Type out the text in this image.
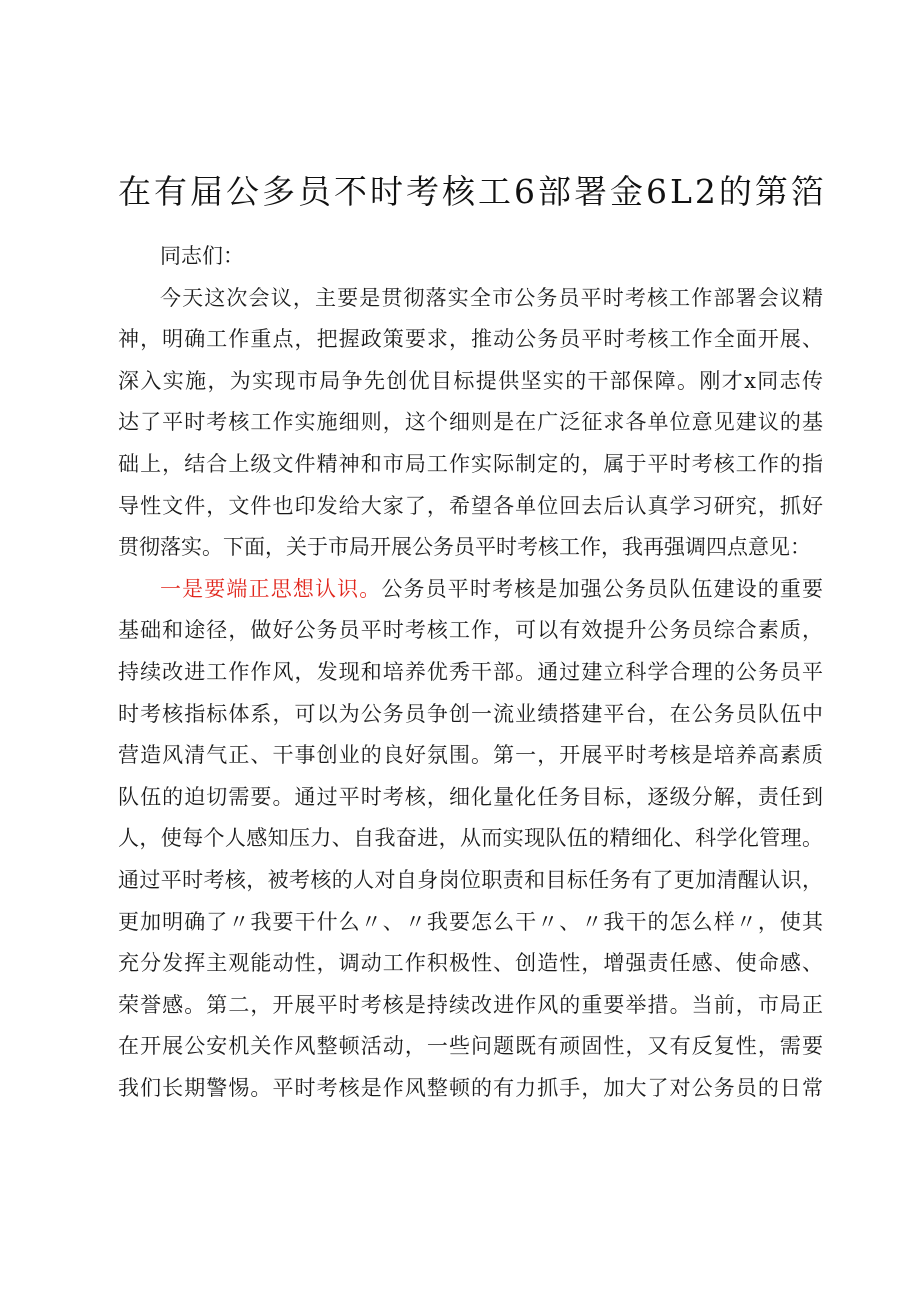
在有届公多员不时考核工6部署金6L2的第箔
同志们：
今天这次会议，主要是贯彻落实全市公务员平时考核工作部署会议精
神，明确工作重点，把握政策要求，推动公务员平时考核工作全面开展、
深入实施，为实现市局争先创优目标提供坚实的干部保障。刚才x同志传
达了平时考核工作实施细则，这个细则是在广泛征求各单位意见建议的基
础上，结合上级文件精神和市局工作实际制定的，属于平时考核工作的指
导性文件，文件也印发给大家了，希望各单位回去后认真学习研究，抓好
贯彻落实。下面，关于市局开展公务员平时考核工作，我再强调四点意见：
一是要端正思想认识。公务员平时考核是加强公务员队伍建设的重要
基础和途径，做好公务员平时考核工作，可以有效提升公务员综合素质，
持续改进工作作风，发现和培养优秀干部。通过建立科学合理的公务员平
时考核指标体系，可以为公务员争创一流业绩搭建平台，在公务员队伍中
营造风清气正、干事创业的良好氛围。第一，开展平时考核是培养高素质
队伍的迫切需要。通过平时考核，细化量化任务目标，逐级分解，责任到
人，使每个人感知压力、自我奋进，从而实现队伍的精细化、科学化管理。
通过平时考核，被考核的人对自身岗位职责和目标任务有了更加清醒认识，
更加明确了〃我要干什么〃、〃我要怎么干〃、〃我干的怎么样〃，使其
充分发挥主观能动性，调动工作积极性、创造性，增强责任感、使命感、
荣誉感。第二，开展平时考核是持续改进作风的重要举措。当前，市局正
在开展公安机关作风整顿活动，一些问题既有顽固性，又有反复性，需要
我们长期警惕。平时考核是作风整顿的有力抓手，加大了对公务员的日常
